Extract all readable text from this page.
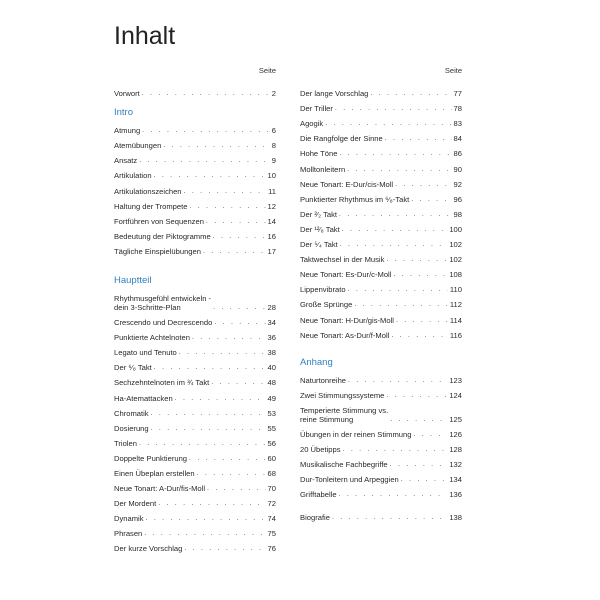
Inhalt
Seite
Vorwort . . .	2
Intro
Atmung . . .	6
Atemübungen . . .	8
Ansatz . . .	9
Artikulation . . .	10
Artikulationszeichen . . .	11
Haltung der Trompete . . .	12
Fortführen von Sequenzen . . .	14
Bedeutung der Piktogramme . . .	16
Tägliche Einspielübungen . . .	17
Hauptteil
Rhythmusgefühl entwickeln -
dein 3-Schritte-Plan . . .	28
Crescendo und Decrescendo . . .	34
Punktierte Achtelnoten . . .	36
Legato und Tenuto . . .	38
Der ⁶⁄₈ Takt . . .	40
Sechzehntelnoten im ¾ Takt . . .	48
Ha-Atemattacken . . .	49
Chromatik . . .	53
Dosierung . . .	55
Triolen . . .	56
Doppelte Punktierung . . .	60
Einen Übeplan erstellen . . .	68
Neue Tonart: A-Dur/fis-Moll . . .	70
Der Mordent . . .	72
Dynamik . . .	74
Phrasen . . .	75
Der kurze Vorschlag . . .	76
Seite
Der lange Vorschlag . . .	77
Der Triller . . .	78
Agogik . . .	83
Die Rangfolge der Sinne . . .	84
Hohe Töne . . .	86
Molltonleitern . . .	90
Neue Tonart: E-Dur/cis-Moll . . .	92
Punktierter Rhythmus im ⁶⁄₈-Takt . . .	96
Der ²⁄₂ Takt . . .	98
Der ¹²⁄₈ Takt . . .	100
Der ⁵⁄₄ Takt . . .	102
Taktwechsel in der Musik . . .	102
Neue Tonart: Es-Dur/c-Moll . . .	108
Lippenvibrato . . .	110
Große Sprünge . . .	112
Neue Tonart: H-Dur/gis-Moll . . .	114
Neue Tonart: As-Dur/f-Moll . . .	116
Anhang
Naturtonreihe . . .	123
Zwei Stimmungssysteme . . .	124
Temperierte Stimmung vs.
reine Stimmung . . .	125
Übungen in der reinen Stimmung . . .	126
20 Übetipps . . .	128
Musikalische Fachbegriffe . . .	132
Dur-Tonleitern und Arpeggien . . .	134
Grifftabelle . . .	136
Biografie . . .	138
